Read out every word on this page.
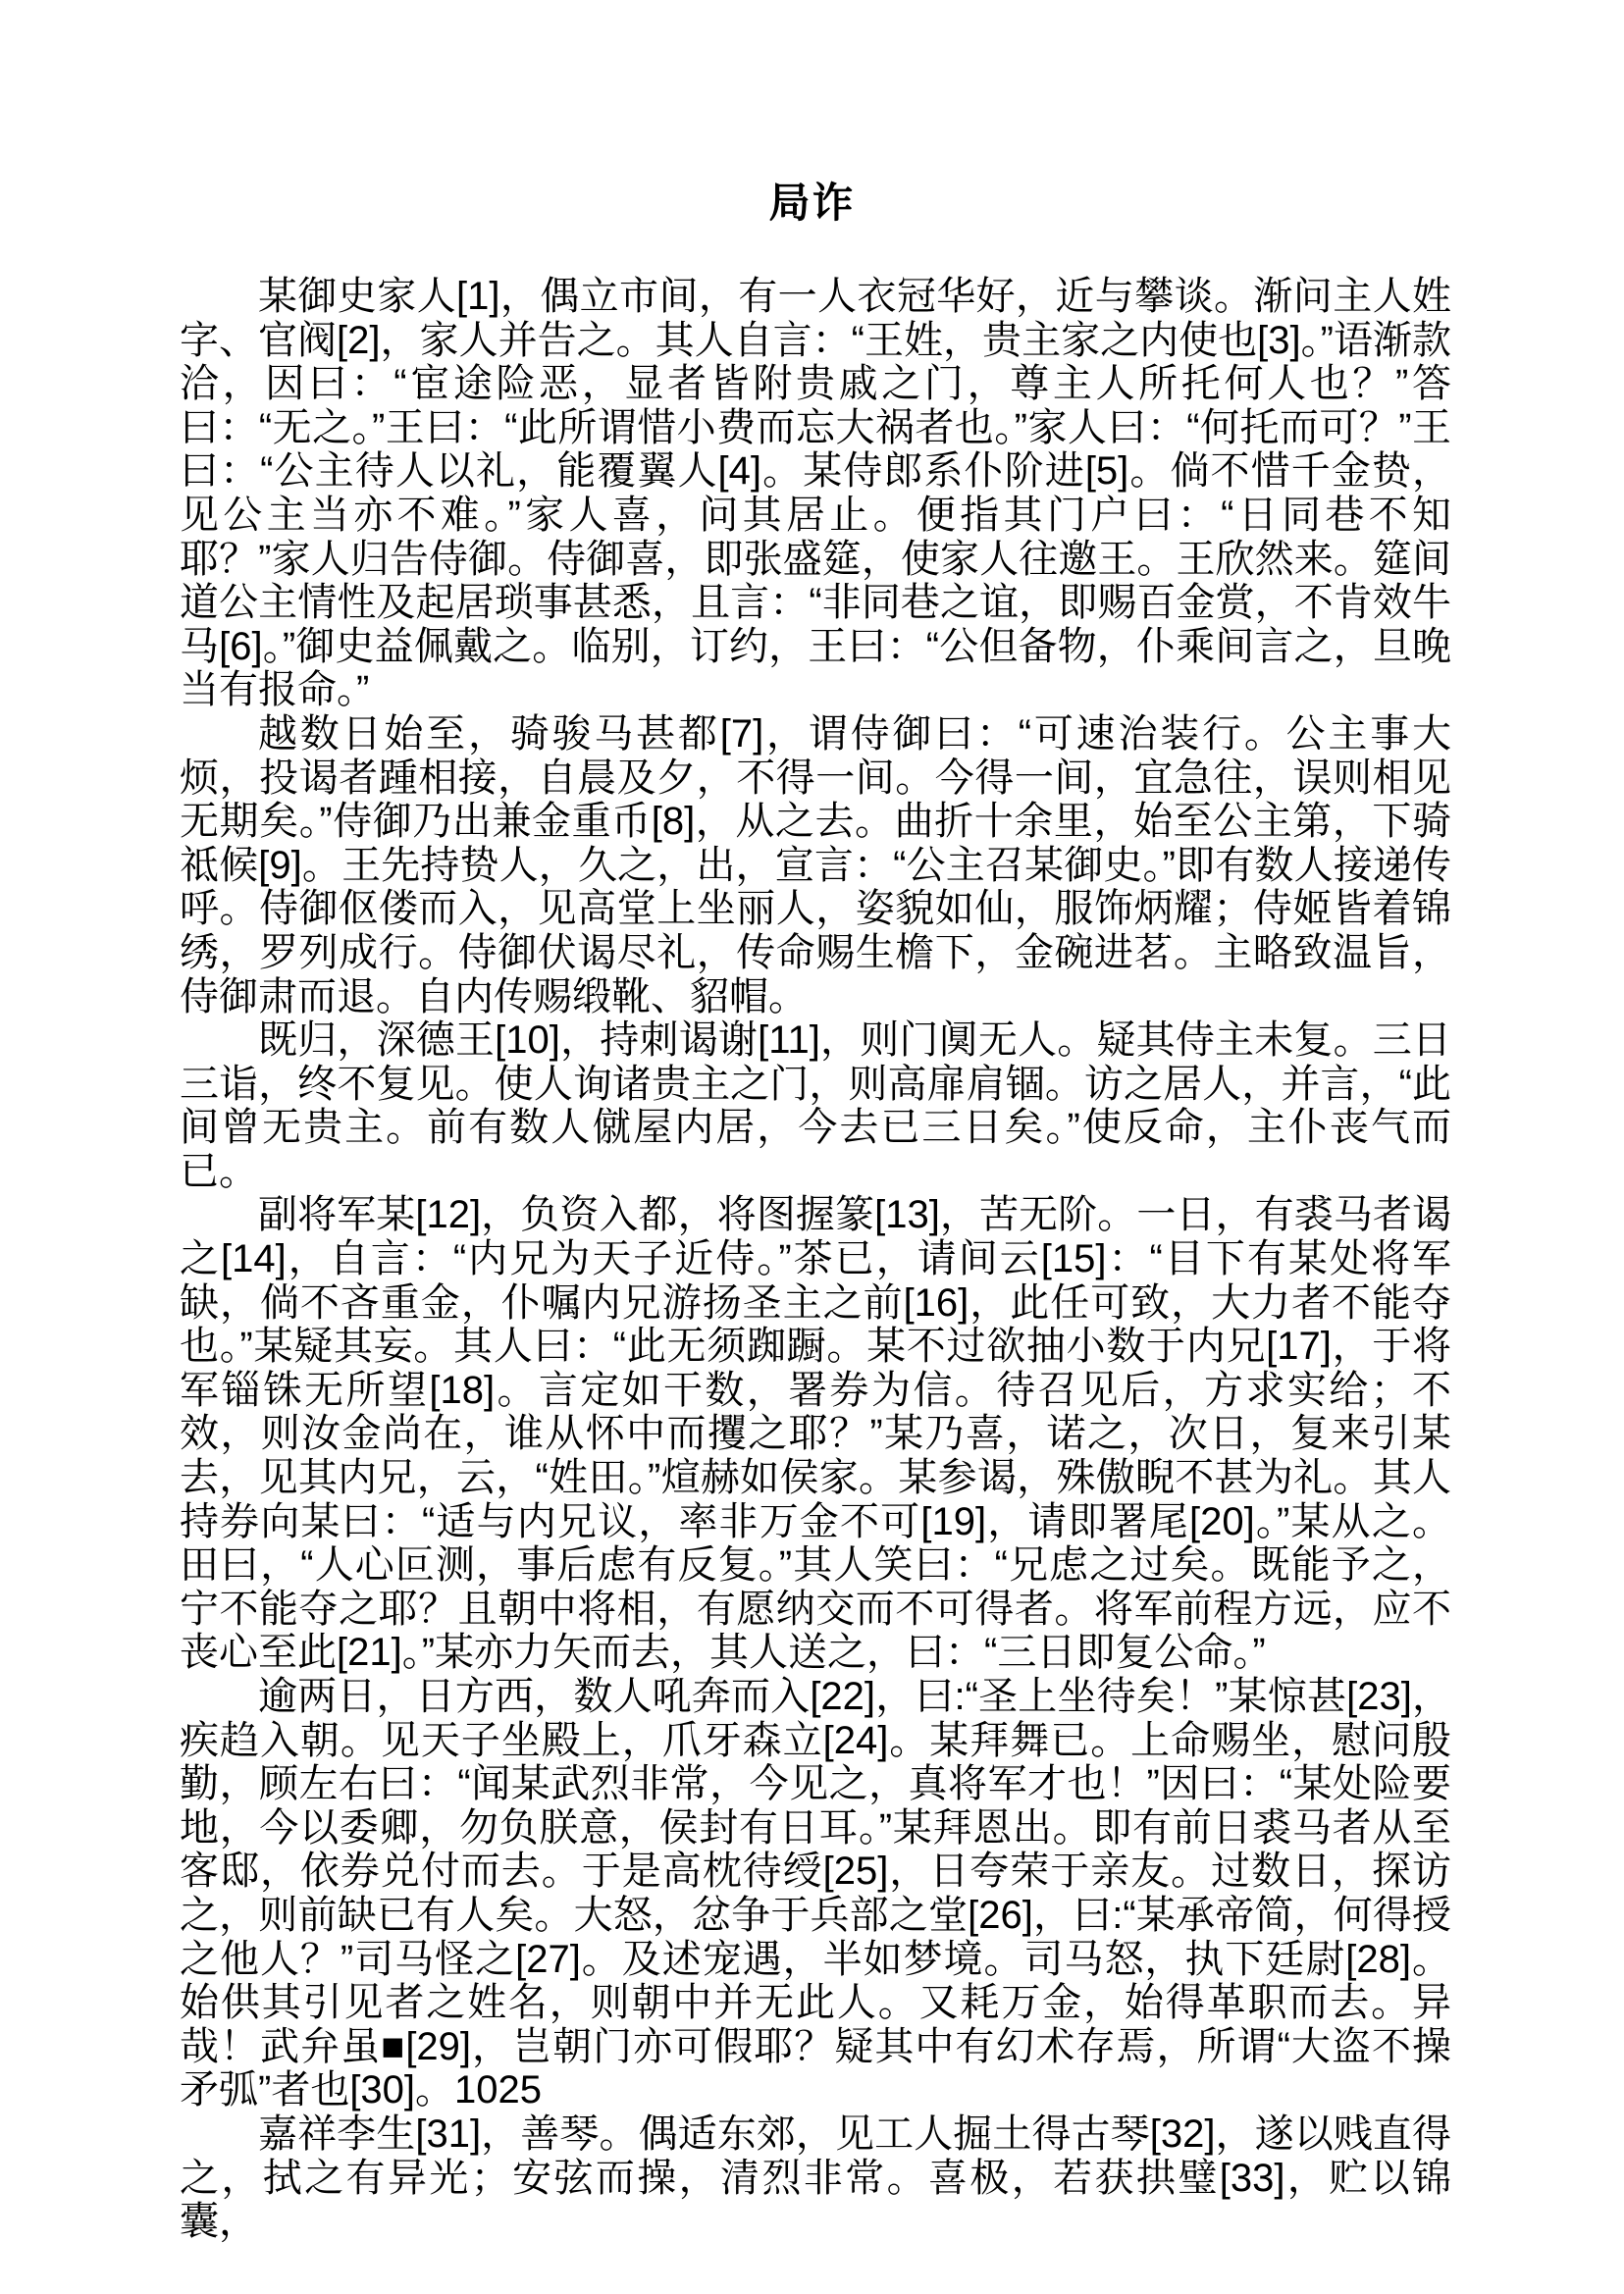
局诈

某御史家人[1]，偶立市间，有一人衣冠华好，近与攀谈。渐问主人姓字、官阀[2]，家人并告之。其人自言：“王姓，贵主家之内使也[3]。”语渐款洽，因曰：“宦途险恶，显者皆附贵戚之门，尊主人所托何人也？”答曰：“无之。”王曰：“此所谓惜小费而忘大祸者也。”家人曰：“何托而可？”王曰：“公主待人以礼，能覆翼人[4]。某侍郎系仆阶进[5]。倘不惜千金贽，见公主当亦不难。”家人喜，问其居止。便指其门户曰：“日同巷不知耶？”家人归告侍御。侍御喜，即张盛筵，使家人往邀王。王欣然来。筵间道公主情性及起居琐事甚悉，且言：“非同巷之谊，即赐百金赏，不肯效牛马[6]。”御史益佩戴之。临别，订约，王曰：“公但备物，仆乘间言之，旦晚当有报命。”

越数日始至，骑骏马甚都[7]，谓侍御曰：“可速治装行。公主事大烦，投谒者踵相接，自晨及夕，不得一间。今得一间，宜急往，误则相见无期矣。”侍御乃出兼金重币[8]，从之去。曲折十余里，始至公主第，下骑祗候[9]。王先持贽人，久之，出，宣言：“公主召某御史。”即有数人接递传呼。侍御伛偻而入，见高堂上坐丽人，姿貌如仙，服饰炳耀；侍姬皆着锦绣，罗列成行。侍御伏谒尽礼，传命赐生檐下，金碗进茗。主略致温旨，侍御肃而退。自内传赐缎靴、貂帽。

既归，深德王[10]，持刺谒谢[11]，则门阒无人。疑其侍主未复。三日三诣，终不复见。使人询诸贵主之门，则高扉肩锢。访之居人，并言，“此间曾无贵主。前有数人僦屋内居，今去已三日矣。”使反命，主仆丧气而已。

副将军某[12]，负资入都，将图握篆[13]，苦无阶。一日，有裘马者谒之[14]，自言：“内兄为天子近侍。”茶已，请间云[15]：“目下有某处将军缺，倘不吝重金，仆嘱内兄游扬圣主之前[16]，此任可致，大力者不能夺也。”某疑其妄。其人曰：“此无须踟蹰。某不过欲抽小数于内兄[17]，于将军锱铢无所望[18]。言定如干数，署券为信。待召见后，方求实给；不效，则汝金尚在，谁从怀中而攫之耶？”某乃喜，诺之，次日，复来引某去，见其内兄，云，“姓田。”煊赫如侯家。某参谒，殊傲睨不甚为礼。其人持券向某曰：“适与内兄议，率非万金不可[19]，请即署尾[20]。”某从之。田曰，“人心叵测，事后虑有反复。”其人笑曰：“兄虑之过矣。既能予之，宁不能夺之耶？且朝中将相，有愿纳交而不可得者。将军前程方远，应不丧心至此[21]。”某亦力矢而去，其人送之，曰：“三日即复公命。”

逾两日，日方西，数人吼奔而入[22]，曰:“圣上坐待矣！”某惊甚[23]，疾趋入朝。见天子坐殿上，爪牙森立[24]。某拜舞已。上命赐坐，慰问殷勤，顾左右曰：“闻某武烈非常，今见之，真将军才也！”因曰：“某处险要地，今以委卿，勿负朕意，侯封有日耳。”某拜恩出。即有前日裘马者从至客邸，依券兑付而去。于是高枕待绶[25]，日夸荣于亲友。过数日，探访之，则前缺已有人矣。大怒，忿争于兵部之堂[26]，曰:“某承帝简，何得授之他人？”司马怪之[27]。及述宠遇，半如梦境。司马怒，执下廷尉[28]。始供其引见者之姓名，则朝中并无此人。又耗万金，始得革职而去。异哉！武弁虽■[29]，岂朝门亦可假耶？疑其中有幻术存焉，所谓“大盗不操矛弧”者也[30]。1025

嘉祥李生[31]，善琴。偶适东郊，见工人掘土得古琴[32]，遂以贱直得之，拭之有异光；安弦而操，清烈非常。喜极，若获拱璧[33]，贮以锦囊，
